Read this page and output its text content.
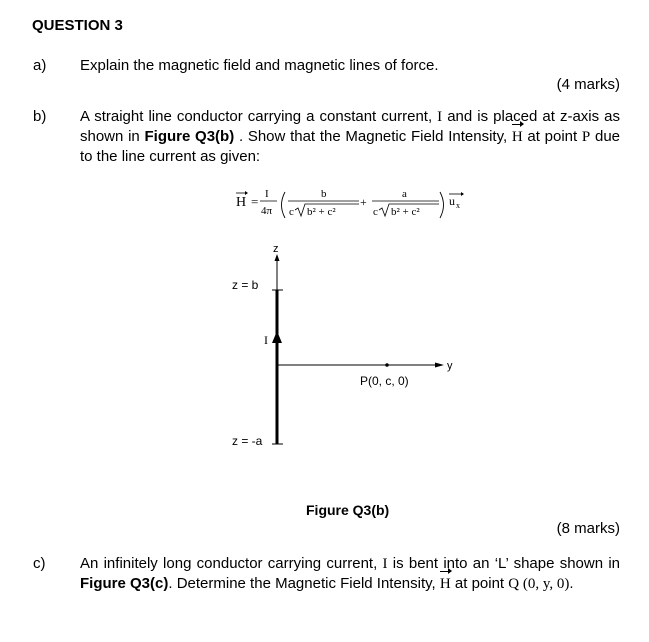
QUESTION 3
a) Explain the magnetic field and magnetic lines of force.
(4 marks)
b) A straight line conductor carrying a constant current, I and is placed at z-axis as shown in Figure Q3(b) . Show that the Magnetic Field Intensity, H at point P due to the line current as given:
H = I
4π
b
c b² + c²
+
a
c b² + c²
u x
z
z = b
I
y
P(0, c, 0)
z = -a
Figure Q3(b)
(8 marks)
c) An infinitely long conductor carrying current, I is bent into an ‘L’ shape shown in
Figure Q3(c). Determine the Magnetic Field Intensity, H at point Q (0, y, 0).
